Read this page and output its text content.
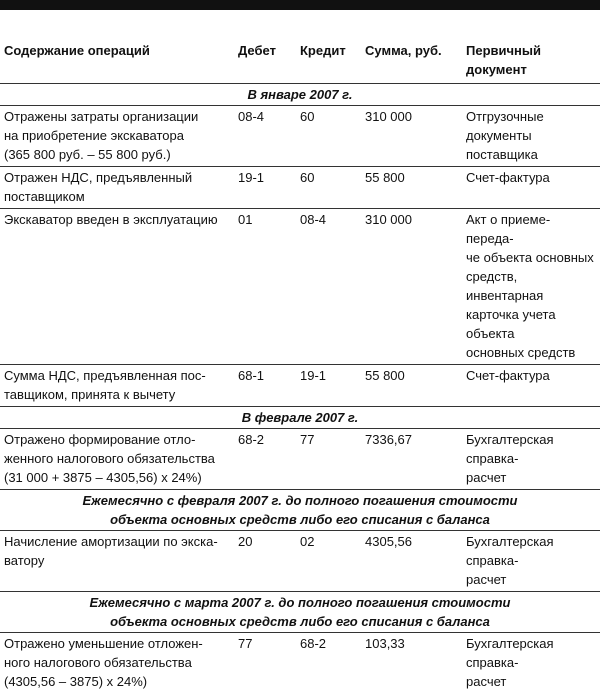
Содержание операций	Дебет	Кредит	Сумма, руб.	Первичный документ

В январе 2007 г.				

Отражены затраты организации
на приобретение экскаватора
(365 800 руб. – 55 800 руб.)	08-4	60	310 000	Отгрузочные документы
поставщика

Отражен НДС, предъявленный
поставщиком	19-1	60	55 800	Счет-фактура

Экскаватор введен в эксплуатацию	01	08-4	310 000	Акт о приеме-переда-
че объекта основных
средств, инвентарная
карточка учета объекта
основных средств

Сумма НДС, предъявленная пос-
тавщиком, принята к вычету	68-1	19-1	55 800	Счет-фактура

В феврале 2007 г.				

Отражено формирование отло-
женного налогового обязательства
(31 000 + 3875 – 4305,56) х 24%)	68-2	77	7336,67	Бухгалтерская справка-
расчет

Ежемесячно с февраля 2007 г. до полного погашения стоимости
объекта основных средств либо его списания с баланса				

Начисление амортизации по экска-
ватору	20	02	4305,56	Бухгалтерская справка-
расчет

Ежемесячно с марта 2007 г. до полного погашения стоимости
объекта основных средств либо его списания с баланса				

Отражено уменьшение отложен-
ного налогового обязательства
(4305,56 – 3875) х 24%)	77	68-2	103,33	Бухгалтерская справка-
расчет
